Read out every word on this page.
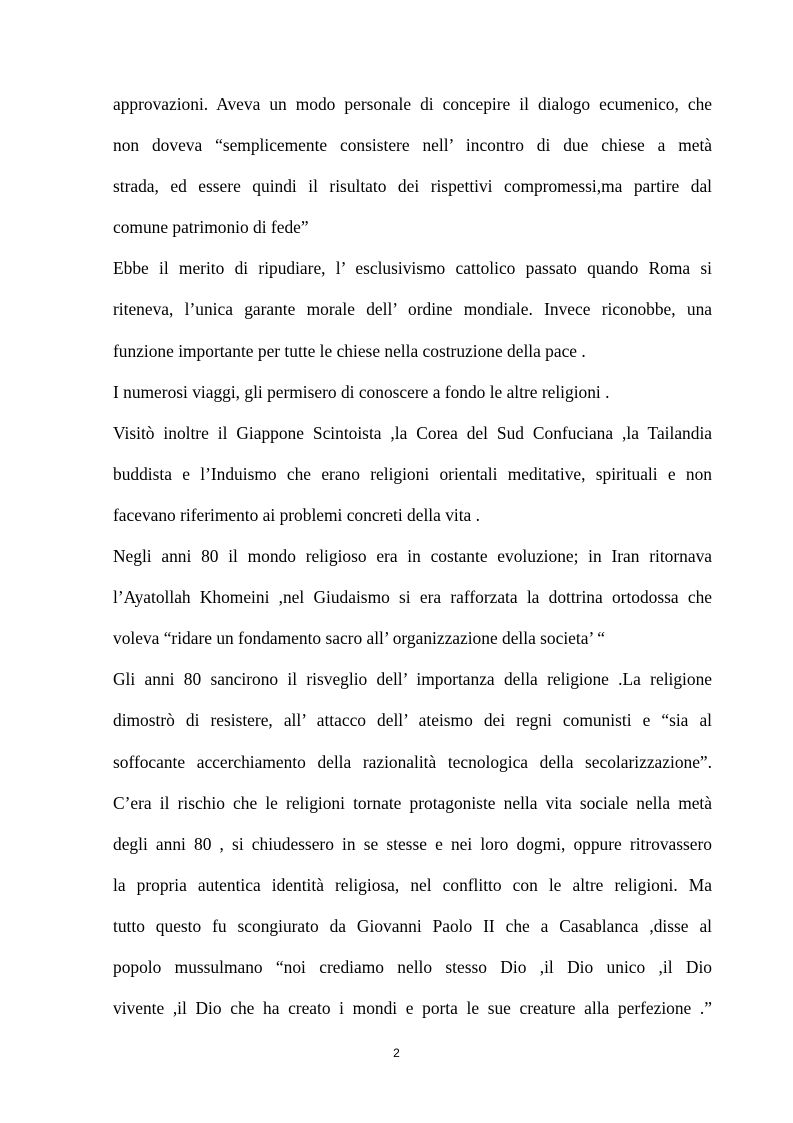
approvazioni. Aveva un modo personale di concepire il dialogo ecumenico, che
non doveva “semplicemente consistere nell’ incontro di due chiese a metà
strada, ed essere quindi il risultato dei rispettivi compromessi,ma partire dal
comune patrimonio di fede”
Ebbe il merito di ripudiare, l’ esclusivismo cattolico passato quando Roma si
riteneva, l’unica garante morale dell’ ordine mondiale. Invece riconobbe, una
funzione importante per tutte le chiese nella costruzione della pace .
I numerosi viaggi, gli permisero di conoscere a fondo le altre religioni .
Visitò inoltre il Giappone Scintoista ,la Corea del Sud Confuciana ,la Tailandia
buddista e l’Induismo che erano religioni orientali meditative, spirituali e non
facevano riferimento ai problemi concreti della vita .
Negli anni 80 il mondo religioso era in costante evoluzione; in Iran ritornava
l’Ayatollah Khomeini ,nel Giudaismo si era rafforzata la dottrina ortodossa che
voleva “ridare un fondamento sacro all’ organizzazione della societa’ “
Gli anni 80 sancirono il risveglio dell’ importanza della religione .La religione
dimostrò di resistere, all’ attacco dell’ ateismo dei regni comunisti e “sia al
soffocante accerchiamento della razionalità tecnologica della secolarizzazione”.
C’era il rischio che le religioni tornate protagoniste nella vita sociale nella metà
degli anni 80 , si chiudessero in se stesse e nei loro dogmi, oppure ritrovassero
la propria autentica identità religiosa, nel conflitto con le altre religioni. Ma
tutto questo fu scongiurato da Giovanni Paolo II che a Casablanca ,disse al
popolo mussulmano “noi crediamo nello stesso Dio ,il Dio unico ,il Dio
vivente ,il Dio che ha creato i mondi e porta le sue creature alla perfezione .”
2
